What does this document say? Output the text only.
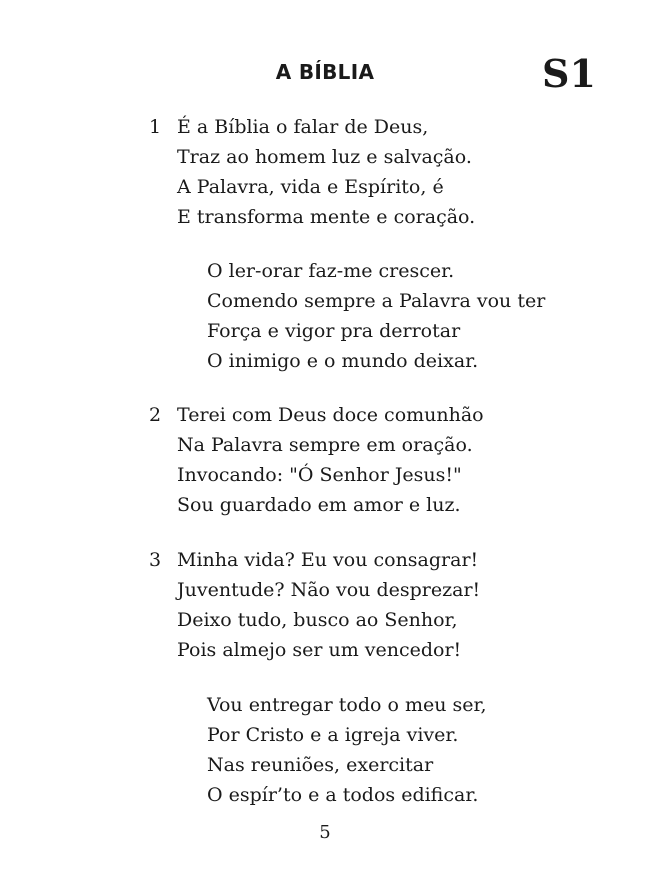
A BÍBLIA	S1
1 É a Bíblia o falar de Deus,
Traz ao homem luz e salvação.
A Palavra, vida e Espírito, é
E transforma mente e coração.
O ler-orar faz-me crescer.
Comendo sempre a Palavra vou ter
Força e vigor pra derrotar
O inimigo e o mundo deixar.
2 Terei com Deus doce comunhão
Na Palavra sempre em oração.
Invocando: "Ó Senhor Jesus!"
Sou guardado em amor e luz.
3 Minha vida? Eu vou consagrar!
Juventude? Não vou desprezar!
Deixo tudo, busco ao Senhor,
Pois almejo ser um vencedor!
Vou entregar todo o meu ser,
Por Cristo e a igreja viver.
Nas reuniões, exercitar
O espír’to e a todos edificar.
5
